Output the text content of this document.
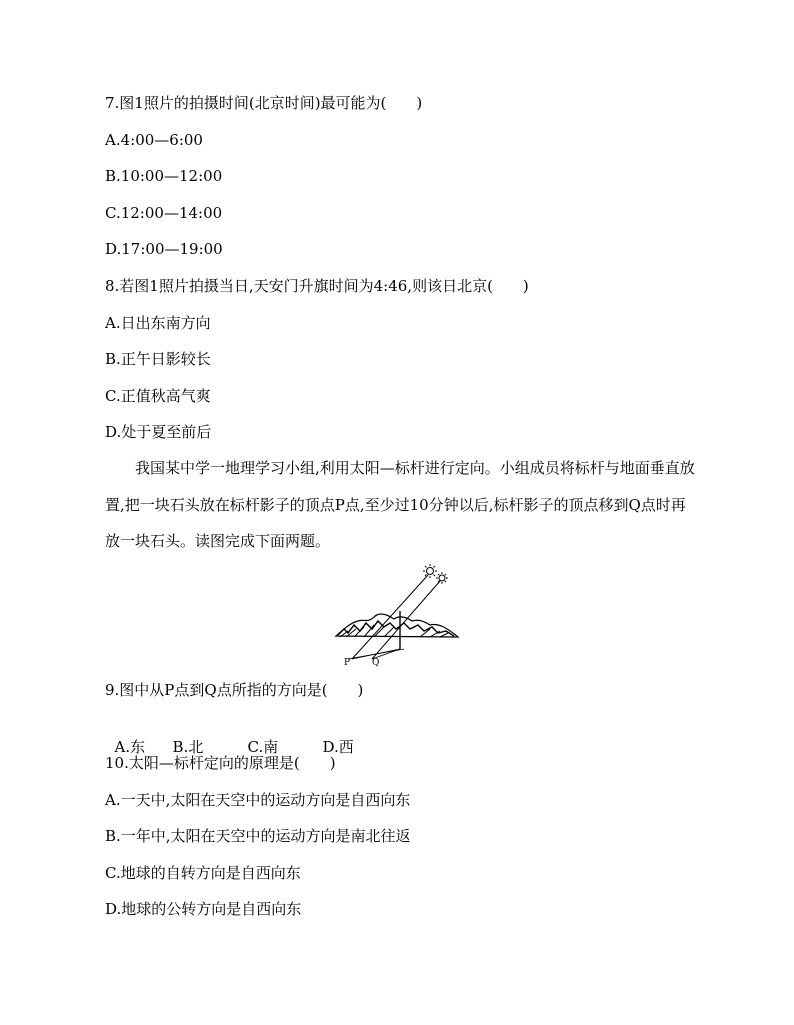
7.图1照片的拍摄时间(北京时间)最可能为(　　)
A.4:00—6:00
B.10:00—12:00
C.12:00—14:00
D.17:00—19:00
8.若图1照片拍摄当日,天安门升旗时间为4:46,则该日北京(　　)
A.日出东南方向
B.正午日影较长
C.正值秋高气爽
D.处于夏至前后
我国某中学一地理学习小组,利用太阳—标杆进行定向。小组成员将标杆与地面垂直放置,把一块石头放在标杆影子的顶点P点,至少过10分钟以后,标杆影子的顶点移到Q点时再放一块石头。读图完成下面两题。
P Q
9.图中从P点到Q点所指的方向是(　　)

A.东 B.北	C.南	D.西

10.太阳—标杆定向的原理是(　　)
A.一天中,太阳在天空中的运动方向是自西向东
B.一年中,太阳在天空中的运动方向是南北往返
C.地球的自转方向是自西向东
D.地球的公转方向是自西向东
